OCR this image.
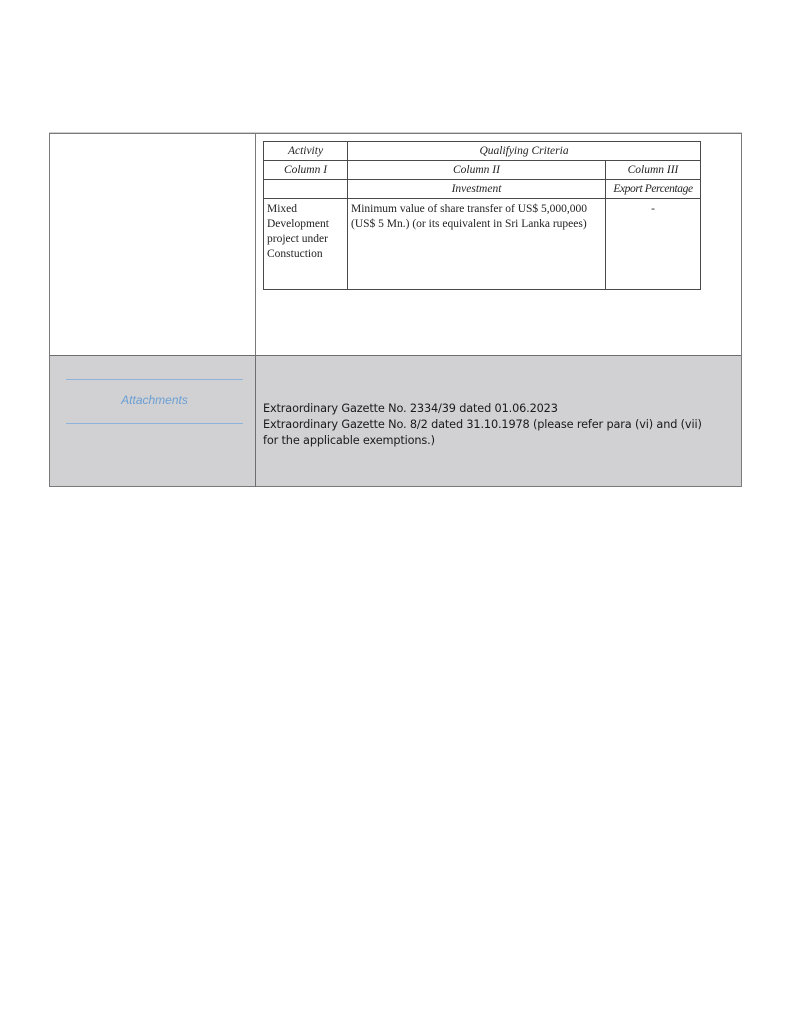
Activity	Qualifying Criteria	
Column I	Column II	Column III
	Investment	Export Percentage
Mixed Development project under Constuction	Minimum value of share transfer of US$ 5,000,000 (US$ 5 Mn.) (or its equivalent in Sri Lanka rupees)	-
Attachments
Extraordinary Gazette No. 2334/39 dated 01.06.2023
Extraordinary Gazette No. 8/2 dated 31.10.1978 (please refer para (vi) and (vii)
for the applicable exemptions.)
